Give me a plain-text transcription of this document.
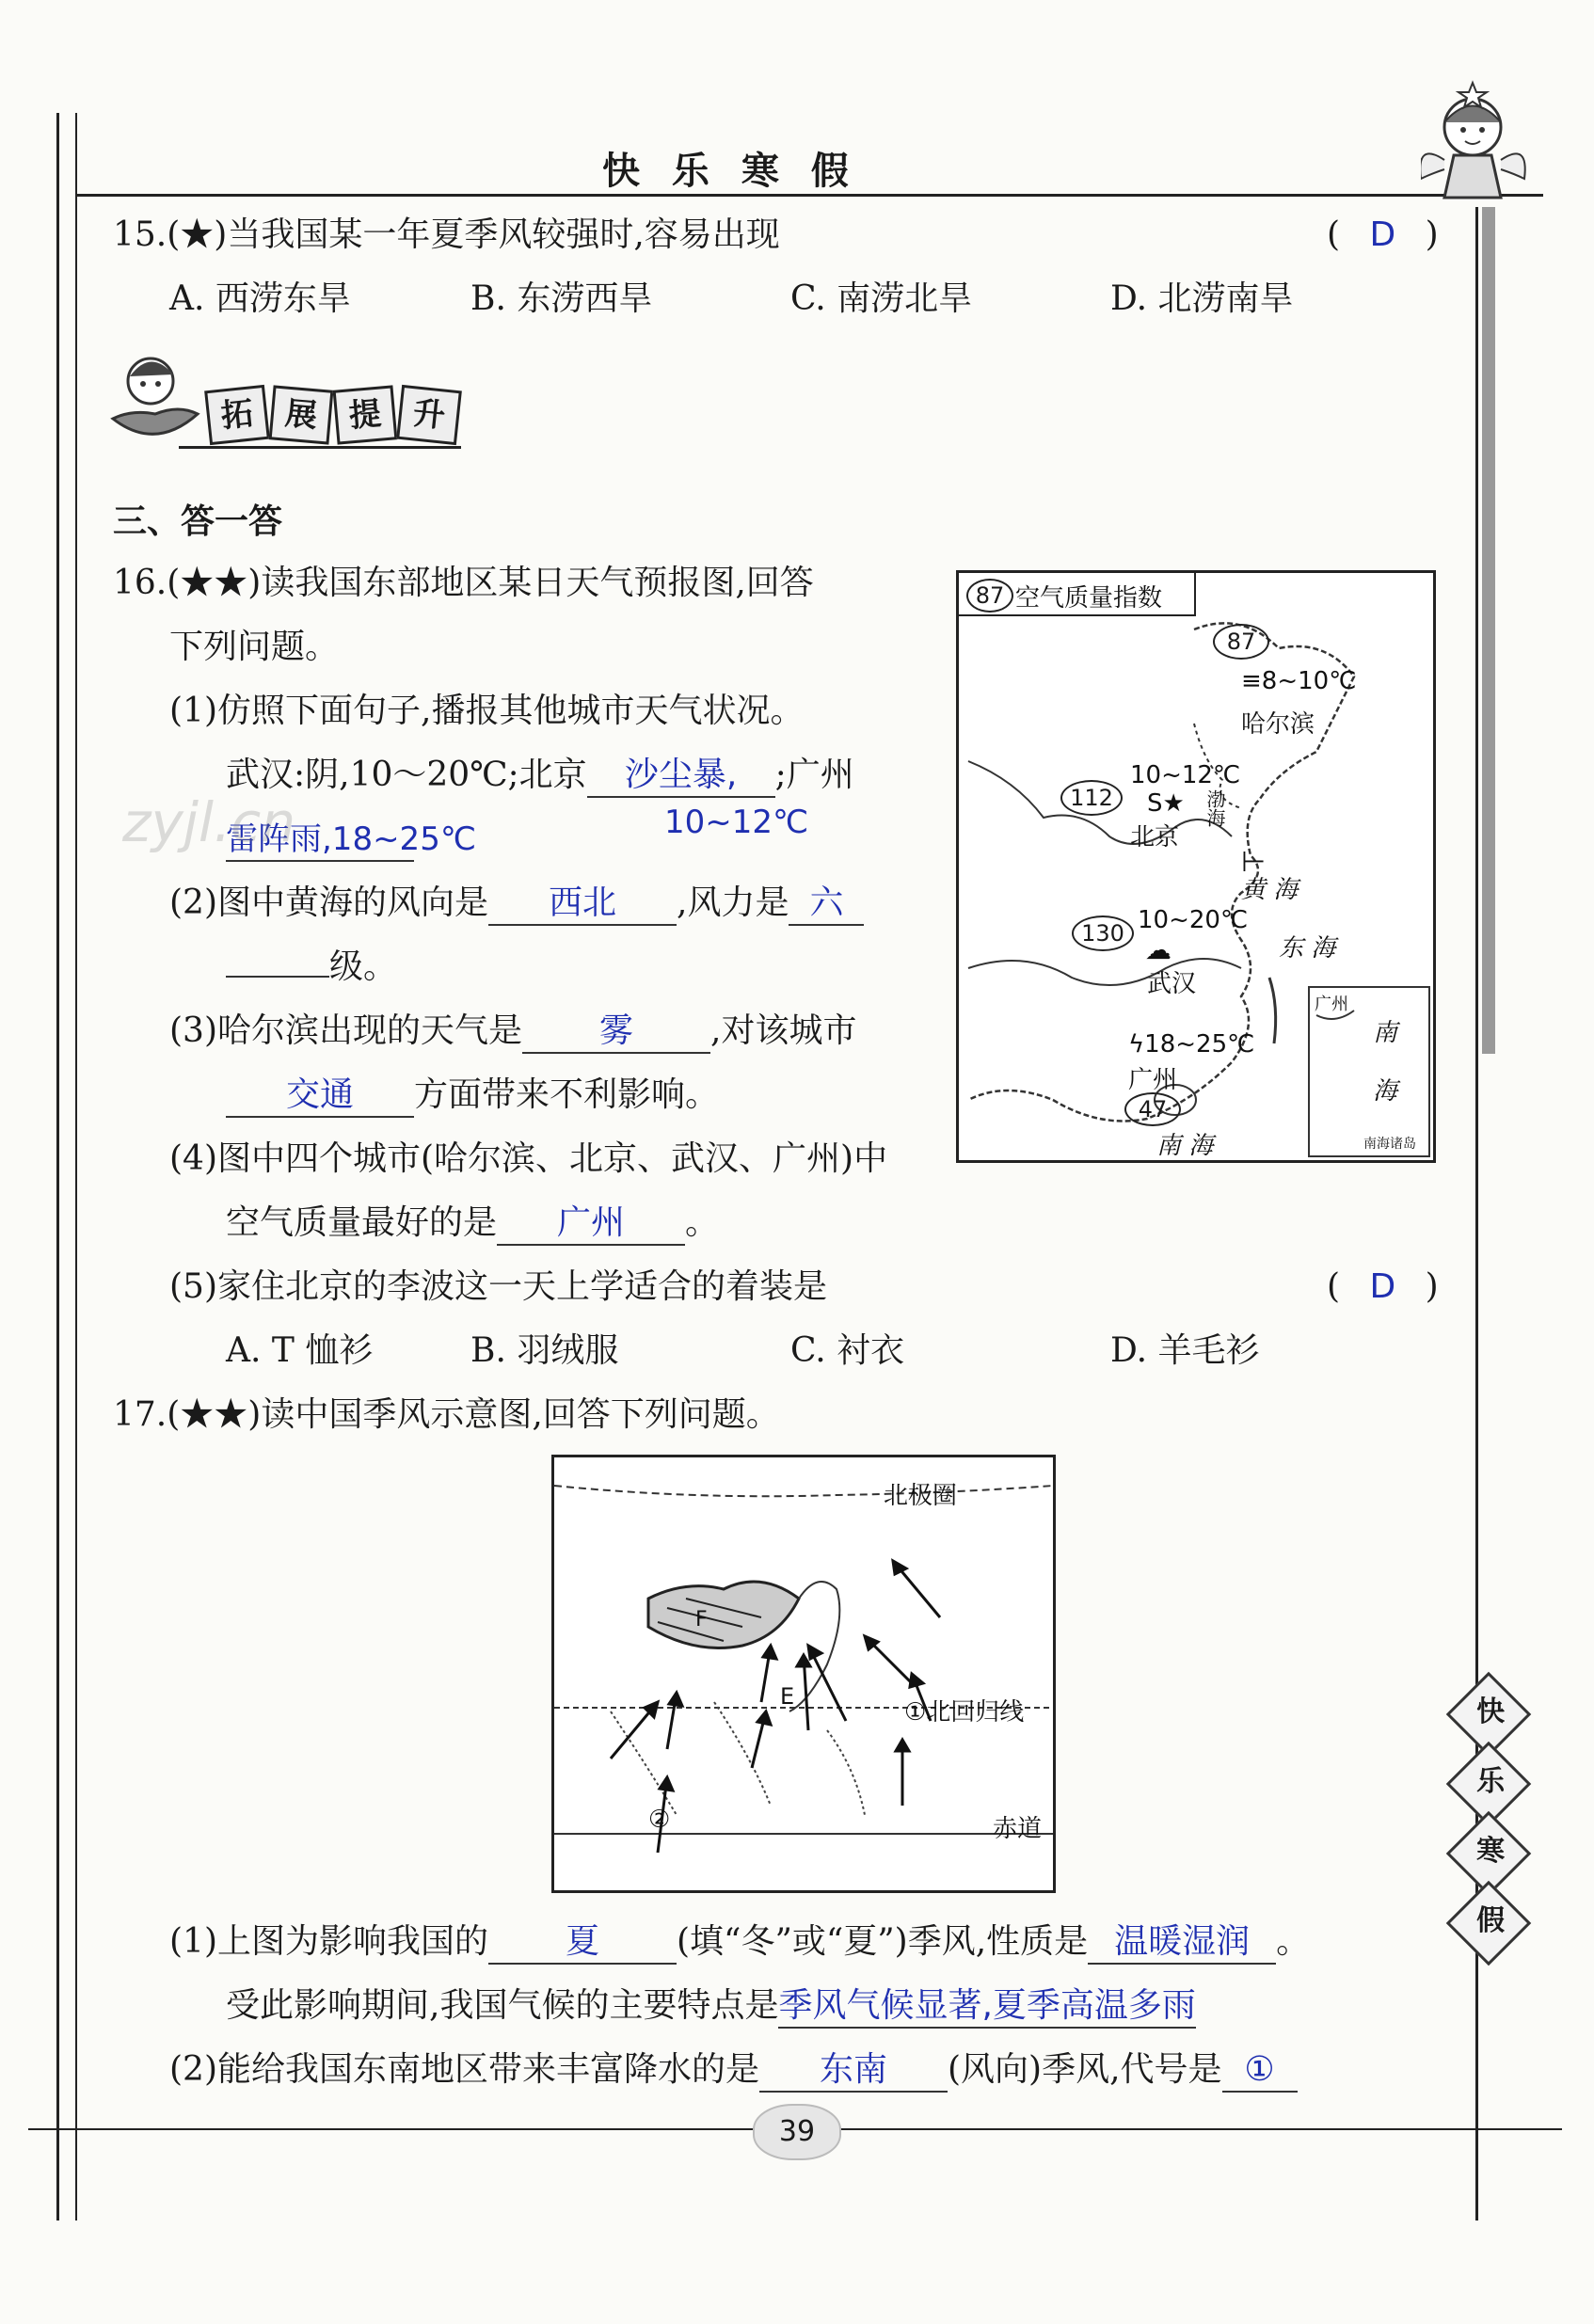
快 乐 寒 假
15.(★)当我国某一年夏季风较强时,容易出现	( D )
A. 西涝东旱	B. 东涝西旱	C. 南涝北旱	D. 北涝南旱
拓 展 提 升
三、答一答
16.(★★)读我国东部地区某日天气预报图,回答
下列问题。
(1)仿照下面句子,播报其他城市天气状况。
武汉:阴,10～20℃;北京 沙尘暴, ;广州
10~12℃
雷阵雨,18~25℃
(2)图中黄海的风向是 西北 ,风力是 六
级。
(3)哈尔滨出现的天气是 雾 ,对该城市
交通 方面带来不利影响。
(4)图中四个城市(哈尔滨、北京、武汉、广州)中
空气质量最好的是 广州 。
(5)家住北京的李波这一天上学适合的着装是	( D )
A. T 恤衫	B. 羽绒服	C. 衬衣	D. 羊毛衫
87 空气质量指数
87
≡8~10℃
哈尔滨
112
10~12℃
S★
北京
渤海
⊢
黄 海
东 海
130 10~20℃
☁
武汉
ϟ18~25℃
广州
47
南 海
广州
南
海
南海诸岛
17.(★★)读中国季风示意图,回答下列问题。
北极圈
①北回归线
赤道
F
E
②
(1)上图为影响我国的 夏 (填“冬”或“夏”)季风,性质是 温暖湿润 。
受此影响期间,我国气候的主要特点是季风气候显著,夏季高温多雨
(2)能给我国东南地区带来丰富降水的是 东南 (风向)季风,代号是 ①
快
乐
寒
假
39
zyjl.cn
